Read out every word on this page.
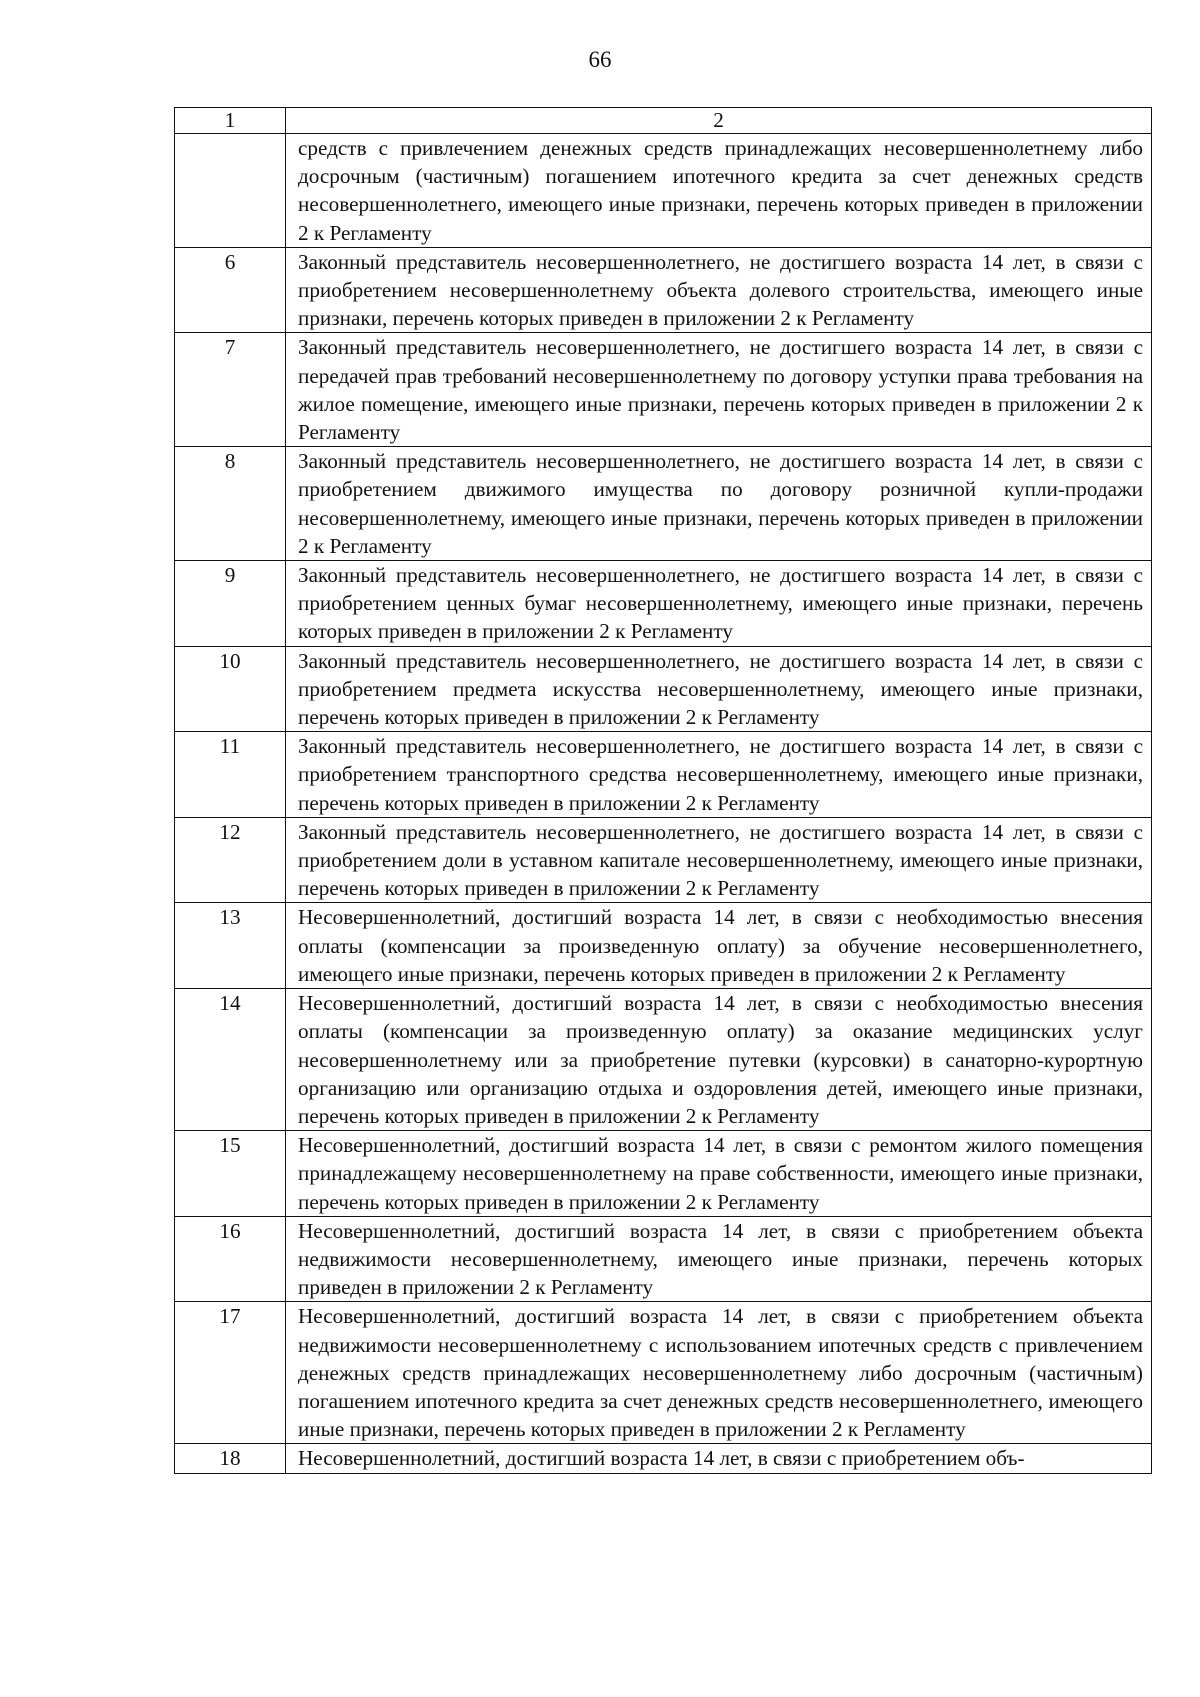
66
1	2
	средств с привлечением денежных средств принадлежащих несовершеннолетнему либо досрочным (частичным) погашением ипотечного кредита за счет денежных средств несовершеннолетнего, имеющего иные признаки, перечень которых приведен в приложении 2 к Регламенту
6	Законный представитель несовершеннолетнего, не достигшего возраста 14 лет, в связи с приобретением несовершеннолетнему объекта долевого строительства, имеющего иные признаки, перечень которых приведен в приложении 2 к Регламенту
7	Законный представитель несовершеннолетнего, не достигшего возраста 14 лет, в связи с передачей прав требований несовершеннолетнему по договору уступки права требования на жилое помещение, имеющего иные признаки, перечень которых приведен в приложении 2 к Регламенту
8	Законный представитель несовершеннолетнего, не достигшего возраста 14 лет, в связи с приобретением движимого имущества по договору розничной купли-продажи несовершеннолетнему, имеющего иные признаки, перечень которых приведен в приложении 2 к Регламенту
9	Законный представитель несовершеннолетнего, не достигшего возраста 14 лет, в связи с приобретением ценных бумаг несовершеннолетнему, имеющего иные признаки, перечень которых приведен в приложении 2 к Регламенту
10	Законный представитель несовершеннолетнего, не достигшего возраста 14 лет, в связи с приобретением предмета искусства несовершеннолетнему, имеющего иные признаки, перечень которых приведен в приложении 2 к Регламенту
11	Законный представитель несовершеннолетнего, не достигшего возраста 14 лет, в связи с приобретением транспортного средства несовершеннолетнему, имеющего иные признаки, перечень которых приведен в приложении 2 к Регламенту
12	Законный представитель несовершеннолетнего, не достигшего возраста 14 лет, в связи с приобретением доли в уставном капитале несовершеннолетнему, имеющего иные признаки, перечень которых приведен в приложении 2 к Регламенту
13	Несовершеннолетний, достигший возраста 14 лет, в связи с необходимостью внесения оплаты (компенсации за произведенную оплату) за обучение несовершеннолетнего, имеющего иные признаки, перечень которых приведен в приложении 2 к Регламенту
14	Несовершеннолетний, достигший возраста 14 лет, в связи с необходимостью внесения оплаты (компенсации за произведенную оплату) за оказание медицинских услуг несовершеннолетнему или за приобретение путевки (курсовки) в санаторно-курортную организацию или организацию отдыха и оздоровления детей, имеющего иные признаки, перечень которых приведен в приложении 2 к Регламенту
15	Несовершеннолетний, достигший возраста 14 лет, в связи с ремонтом жилого помещения принадлежащему несовершеннолетнему на праве собственности, имеющего иные признаки, перечень которых приведен в приложении 2 к Регламенту
16	Несовершеннолетний, достигший возраста 14 лет, в связи с приобретением объекта недвижимости несовершеннолетнему, имеющего иные признаки, перечень которых приведен в приложении 2 к Регламенту
17	Несовершеннолетний, достигший возраста 14 лет, в связи с приобретением объекта недвижимости несовершеннолетнему с использованием ипотечных средств с привлечением денежных средств принадлежащих несовершеннолетнему либо досрочным (частичным) погашением ипотечного кредита за счет денежных средств несовершеннолетнего, имеющего иные признаки, перечень которых приведен в приложении 2 к Регламенту
18	Несовершеннолетний, достигший возраста 14 лет, в связи с приобретением объ-
